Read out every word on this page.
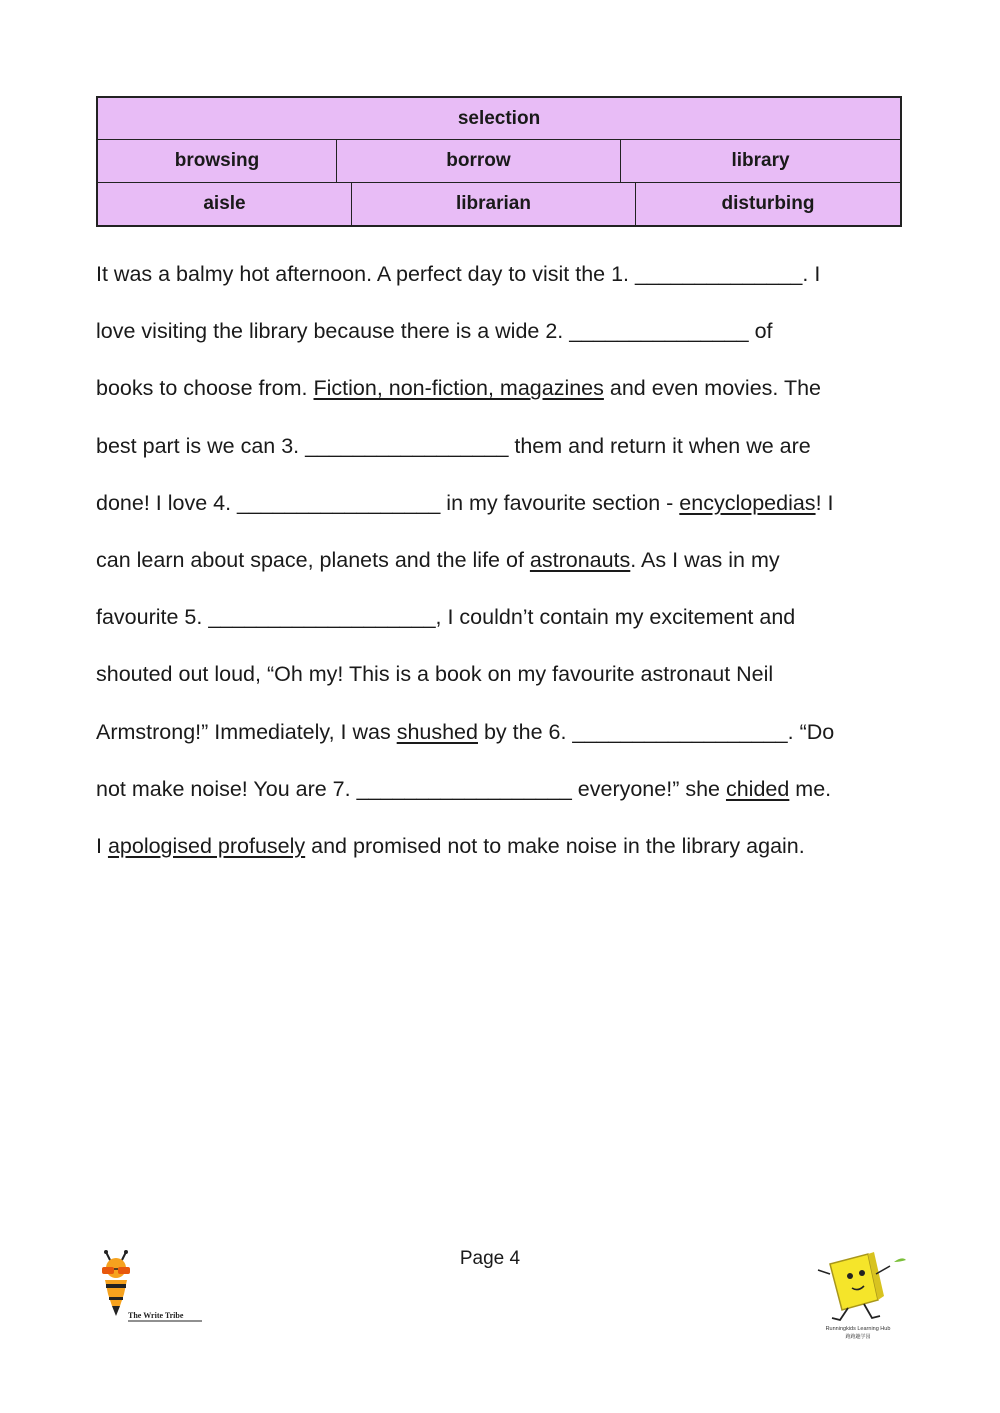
selection
browsing	borrow	library
aisle	librarian	disturbing
It was a balmy hot afternoon. A perfect day to visit the 1. ______________. I
love visiting the library because there is a wide 2. _______________ of
books to choose from. Fiction, non-fiction, magazines and even movies. The
best part is we can 3. _________________ them and return it when we are
done! I love 4. _________________ in my favourite section - encyclopedias! I
can learn about space, planets and the life of astronauts. As I was in my
favourite 5. ___________________, I couldn’t contain my excitement and
shouted out loud, “Oh my! This is a book on my favourite astronaut Neil
Armstrong!” Immediately, I was shushed by the 6. __________________. “Do
not make noise! You are 7. __________________ everyone!” she chided me.
I apologised profusely and promised not to make noise in the library again.
Page 4
The Write Tribe
Runningkids Learning Hub
跑跑趣学园
